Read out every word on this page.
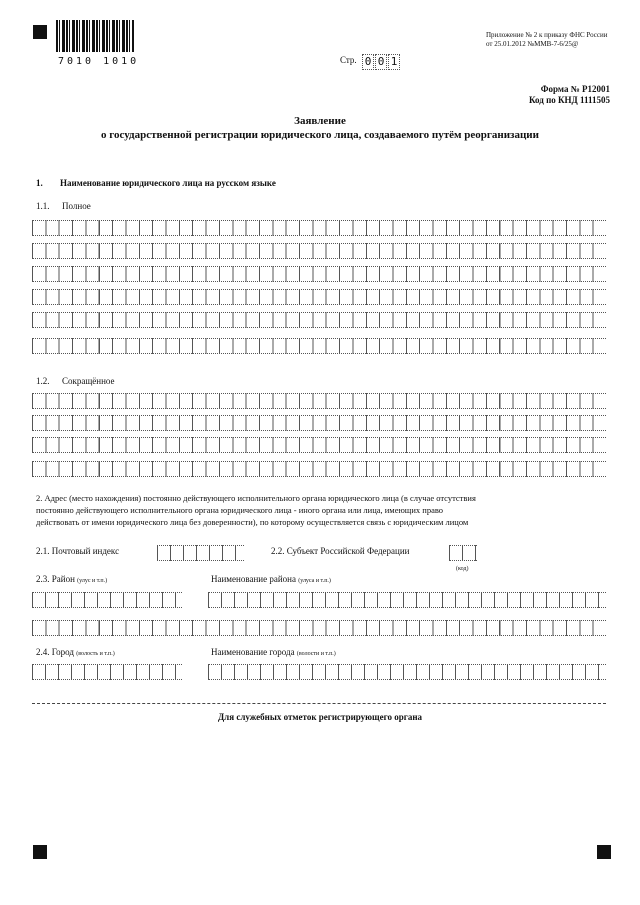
7010 1010
Приложение № 2 к приказу ФНС России
от 25.01.2012 №ММВ-7-6/25@
Стр. 0 0 1
Форма № Р12001
Код по КНД 1111505
Заявление
о государственной регистрации юридического лица, создаваемого путём реорганизации
1. Наименование юридического лица на русском языке
1.1. Полное
1.2. Сокращённое
2. Адрес (место нахождения) постоянно действующего исполнительного органа юридического лица (в случае отсутствия
постоянно действующего исполнительного органа юридического лица - иного органа или лица, имеющих право
действовать от имени юридического лица без доверенности), по которому осуществляется связь с юридическим лицом
2.1. Почтовый индекс	2.2. Субъект Российской Федерации
(код)
2.3. Район (улус и т.п.)	Наименование района (улуса и т.п.)
2.4. Город (волость и т.п.)	Наименование города (волости и т.п.)
Для служебных отметок регистрирующего органа
